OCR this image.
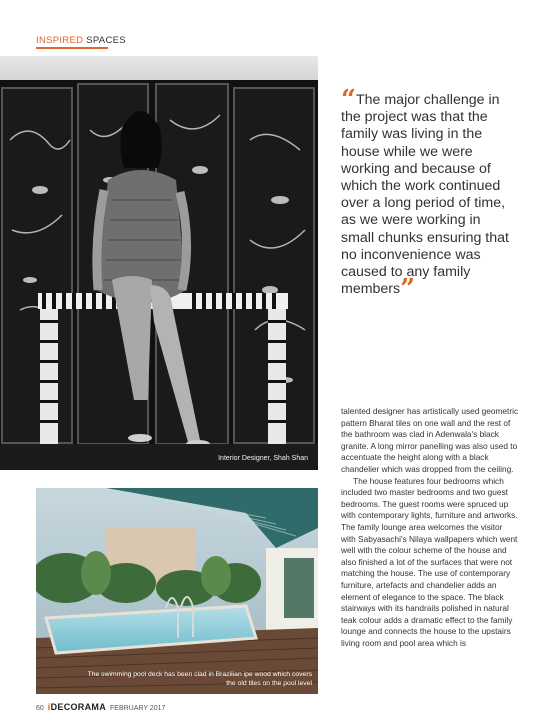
INSPIRED SPACES
Interior Designer, Shah Shan
“The major challenge in the project was that the family was living in the house while we were working and because of which the work continued over a long period of time, as we were working in small chunks ensuring that no inconvenience was caused to any family members”

talented designer has artistically used geometric pattern Bharat tiles on one wall and the rest of the bathroom was clad in Adenwala's black granite. A long mirror panelling was also used to accentuate the height along with a black chandelier which was dropped from the ceiling.

The house features four bedrooms which included two master bedrooms and two guest bedrooms. The guest rooms were spruced up with contemporary lights, furniture and artworks. The family lounge area welcomes the visitor with Sabyasachi's Nilaya wallpapers which went well with the colour scheme of the house and also finished a lot of the surfaces that were not matching the house. The use of contemporary furniture, artefacts and chandelier adds an element of elegance to the space. The black stairways with its handrails polished in natural teak colour adds a dramatic effect to the family lounge and connects the house to the upstairs living room and pool area which is

The swimming pool deck has been clad in Brazilian ipe wood which covers the old tiles on the pool level
60 iDECORAMA FEBRUARY 2017
